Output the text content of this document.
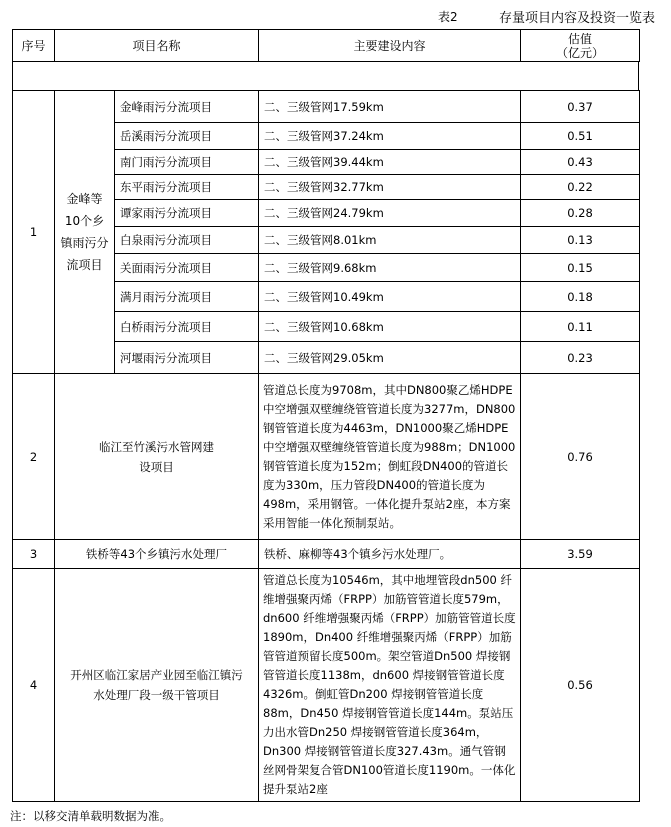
表2	存量项目内容及投资一览表
序号	项目名称	主要建设内容	估值
（亿元）
1	金峰等10个乡镇雨污分流项目	金峰雨污分流项目	二、三级管网17.59km	0.37
		岳溪雨污分流项目	二、三级管网37.24km	0.51
		南门雨污分流项目	二、三级管网39.44km	0.43
		东平雨污分流项目	二、三级管网32.77km	0.22
		谭家雨污分流项目	二、三级管网24.79km	0.28
		白泉雨污分流项目	二、三级管网8.01km	0.13
		关面雨污分流项目	二、三级管网9.68km	0.15
		满月雨污分流项目	二、三级管网10.49km	0.18
		白桥雨污分流项目	二、三级管网10.68km	0.11
		河堰雨污分流项目	二、三级管网29.05km	0.23
2	临江至竹溪污水管网建设项目		管道总长度为9708m，其中DN800聚乙烯HDPE中空增强双壁缠绕管管道长度为3277m，DN800钢管管道长度为4463m，DN1000聚乙烯HDPE中空增强双壁缠绕管管道长度为988m；DN1000钢管管道长度为152m；倒虹段DN400的管道长度为330m，压力管段DN400的管道长度为498m，采用钢管。一体化提升泵站2座，本方案采用智能一体化预制泵站。	0.76
3	铁桥等43个乡镇污水处理厂		铁桥、麻柳等43个镇乡污水处理厂。	3.59
4	开州区临江家居产业园至临江镇污水处理厂段一级干管项目		管道总长度为10546m，其中地埋管段dn500 纤维增强聚丙烯（FRPP）加筋管管道长度579m，dn600 纤维增强聚丙烯（FRPP）加筋管管道长度1890m，Dn400 纤维增强聚丙烯（FRPP）加筋管管道预留长度500m。架空管道Dn500 焊接钢管管道长度1138m，dn600 焊接钢管管道长度4326m。倒虹管Dn200 焊接钢管管道长度88m，Dn450 焊接钢管管道长度144m。泵站压力出水管Dn250 焊接钢管管道长度364m，Dn300 焊接钢管管道长度327.43m。通气管钢丝网骨架复合管DN100管道长度1190m。一体化提升泵站2座	0.56
注：以移交清单载明数据为准。
